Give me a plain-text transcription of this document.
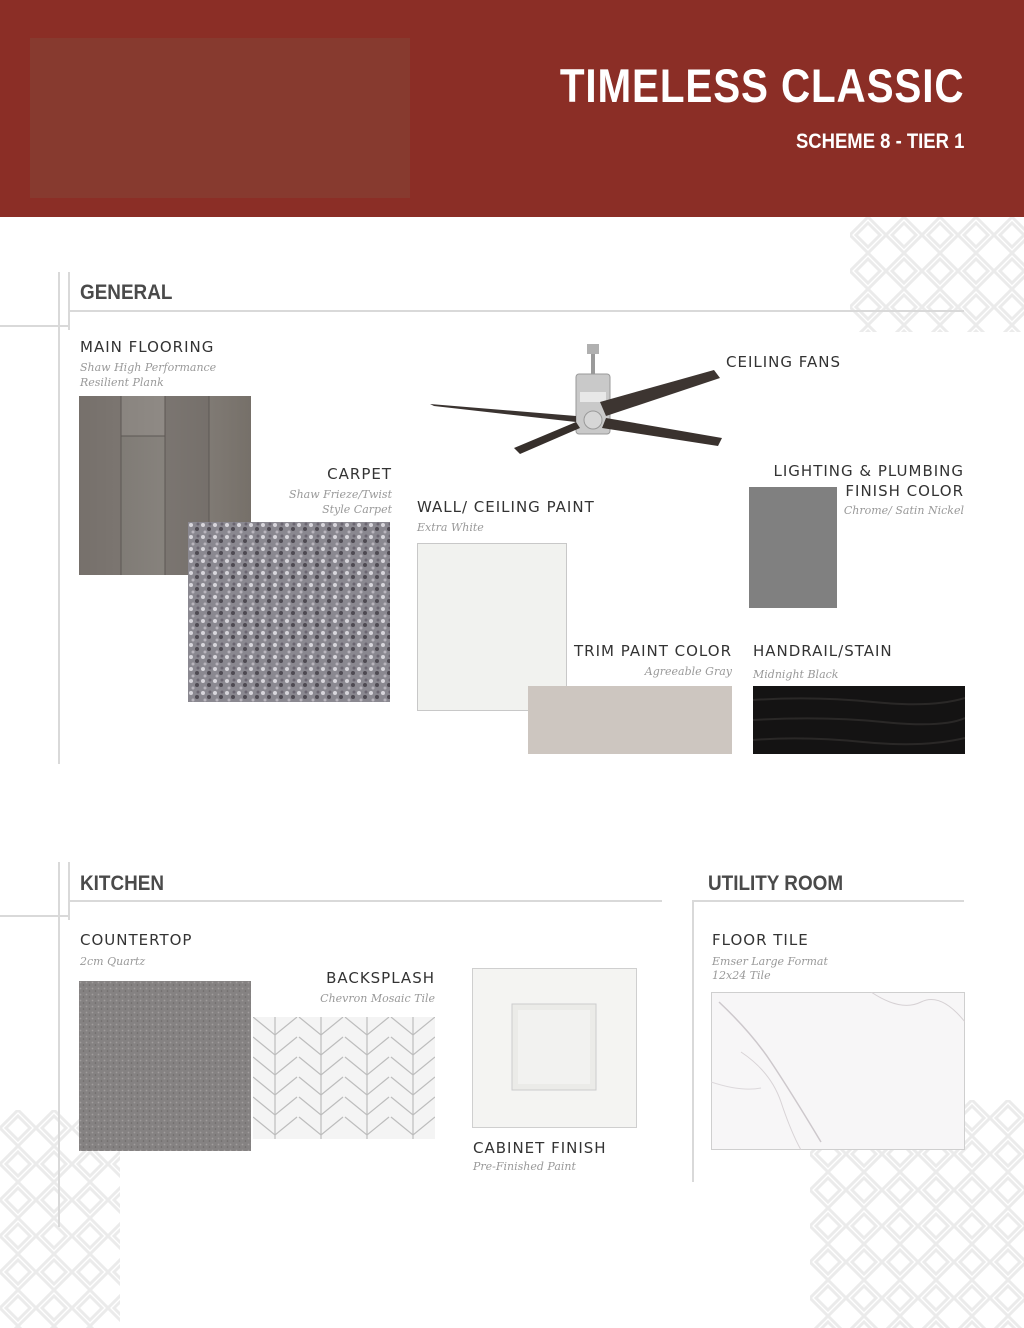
TIMELESS CLASSIC
SCHEME 8 - TIER 1
GENERAL
MAIN FLOORING
Shaw High Performance
Resilient Plank
CARPET
Shaw Frieze/Twist
Style Carpet
CEILING FANS
WALL/ CEILING PAINT
Extra White
LIGHTING & PLUMBING
FINISH COLOR
Chrome/ Satin Nickel
TRIM PAINT COLOR
Agreeable Gray
HANDRAIL/STAIN
Midnight Black
KITCHEN
COUNTERTOP
2cm Quartz
BACKSPLASH
Chevron Mosaic Tile
CABINET FINISH
Pre-Finished Paint
UTILITY ROOM
FLOOR TILE
Emser Large Format
12x24 Tile
